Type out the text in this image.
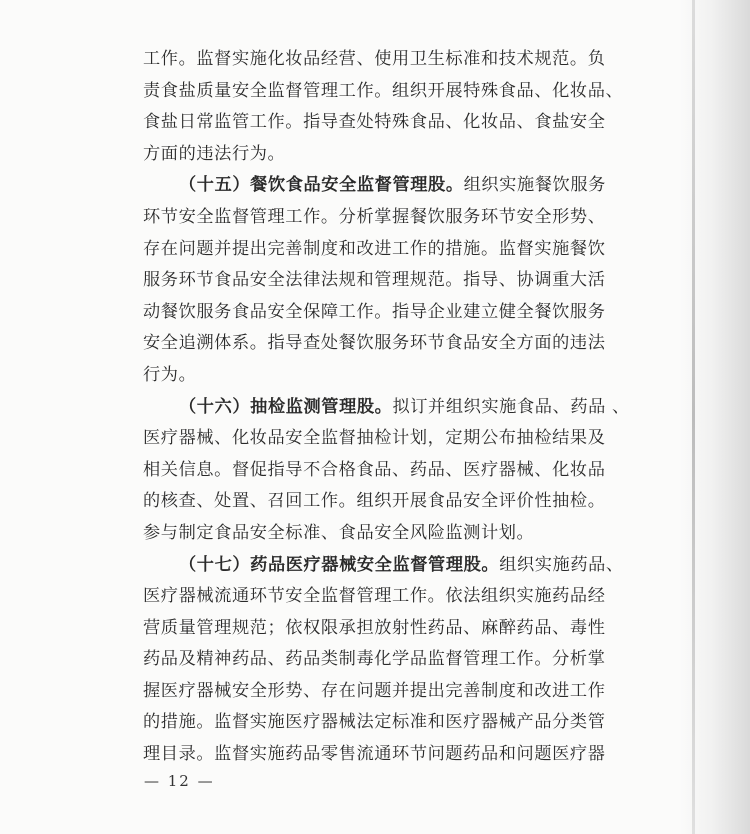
工作。监督实施化妆品经营、使用卫生标准和技术规范。负
责食盐质量安全监督管理工作。组织开展特殊食品、化妆品、
食盐日常监管工作。指导查处特殊食品、化妆品、食盐安全
方面的违法行为。
（十五）餐饮食品安全监督管理股。组织实施餐饮服务
环节安全监督管理工作。分析掌握餐饮服务环节安全形势、
存在问题并提出完善制度和改进工作的措施。监督实施餐饮
服务环节食品安全法律法规和管理规范。指导、协调重大活
动餐饮服务食品安全保障工作。指导企业建立健全餐饮服务
安全追溯体系。指导查处餐饮服务环节食品安全方面的违法
行为。
（十六）抽检监测管理股。拟订并组织实施食品、药品 、
医疗器械、化妆品安全监督抽检计划，定期公布抽检结果及
相关信息。督促指导不合格食品、药品、医疗器械、化妆品
的核查、处置、召回工作。组织开展食品安全评价性抽检。
参与制定食品安全标准、食品安全风险监测计划。
（十七）药品医疗器械安全监督管理股。组织实施药品、
医疗器械流通环节安全监督管理工作。依法组织实施药品经
营质量管理规范；依权限承担放射性药品、麻醉药品、毒性
药品及精神药品、药品类制毒化学品监督管理工作。分析掌
握医疗器械安全形势、存在问题并提出完善制度和改进工作
的措施。监督实施医疗器械法定标准和医疗器械产品分类管
理目录。监督实施药品零售流通环节问题药品和问题医疗器
— 12 —
